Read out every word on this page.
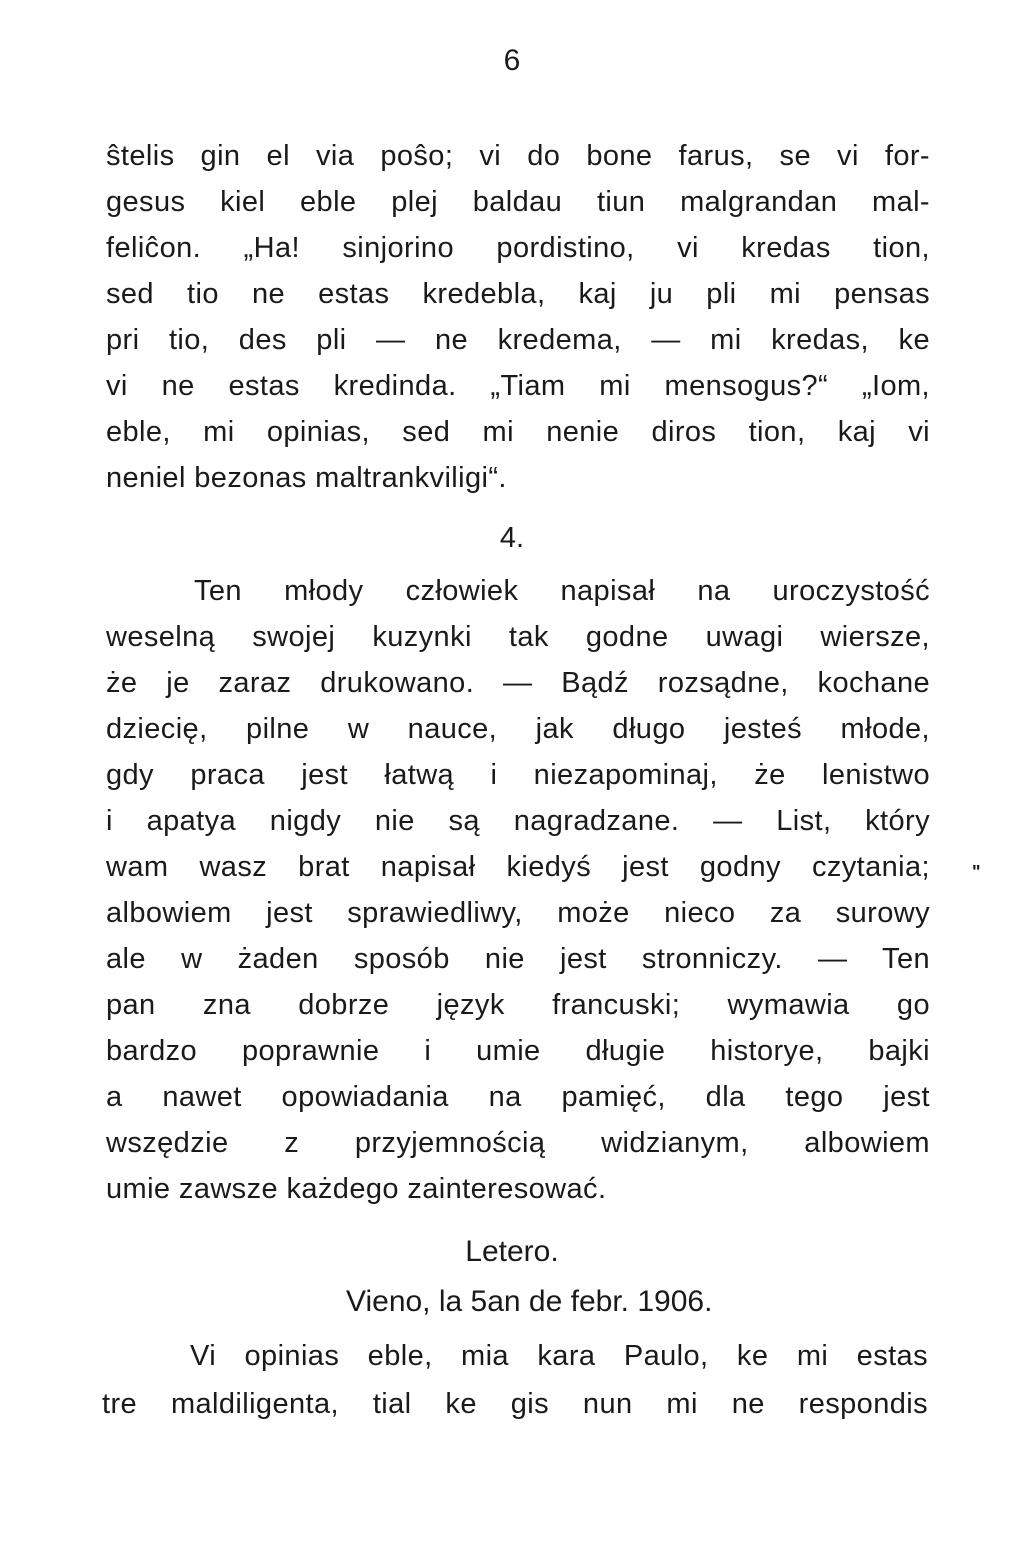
6
ŝtelis gin el via poŝo; vi do bone farus, se vi for-
gesus kiel eble plej baldau tiun malgrandan mal-
feliĉon. „Ha! sinjorino pordistino, vi kredas tion,
sed tio ne estas kredebla, kaj ju pli mi pensas
pri tio, des pli — ne kredema, — mi kredas, ke
vi ne estas kredinda. „Tiam mi mensogus?“ „Iom,
eble, mi opinias, sed mi nenie diros tion, kaj vi
neniel bezonas maltrankviligi“.
4.
Ten młody człowiek napisał na uroczystość
weselną swojej kuzynki tak godne uwagi wiersze,
że je zaraz drukowano. — Bądź rozsądne, kochane
dziecię, pilne w nauce, jak długo jesteś młode,
gdy praca jest łatwą i niezapominaj, że lenistwo
i apatya nigdy nie są nagradzane. — List, który
wam wasz brat napisał kiedyś jest godny czytania;
albowiem jest sprawiedliwy, może nieco za surowy
ale w żaden sposób nie jest stronniczy. — Ten
pan zna dobrze język francuski; wymawia go
bardzo poprawnie i umie długie historye, bajki
a nawet opowiadania na pamięć, dla tego jest
wszędzie z przyjemnością widzianym, albowiem
umie zawsze każdego zainteresować.
"
Letero.
Vieno, la 5an de febr. 1906.
Vi opinias eble, mia kara Paulo, ke mi estas
tre maldiligenta, tial ke gis nun mi ne respondis
